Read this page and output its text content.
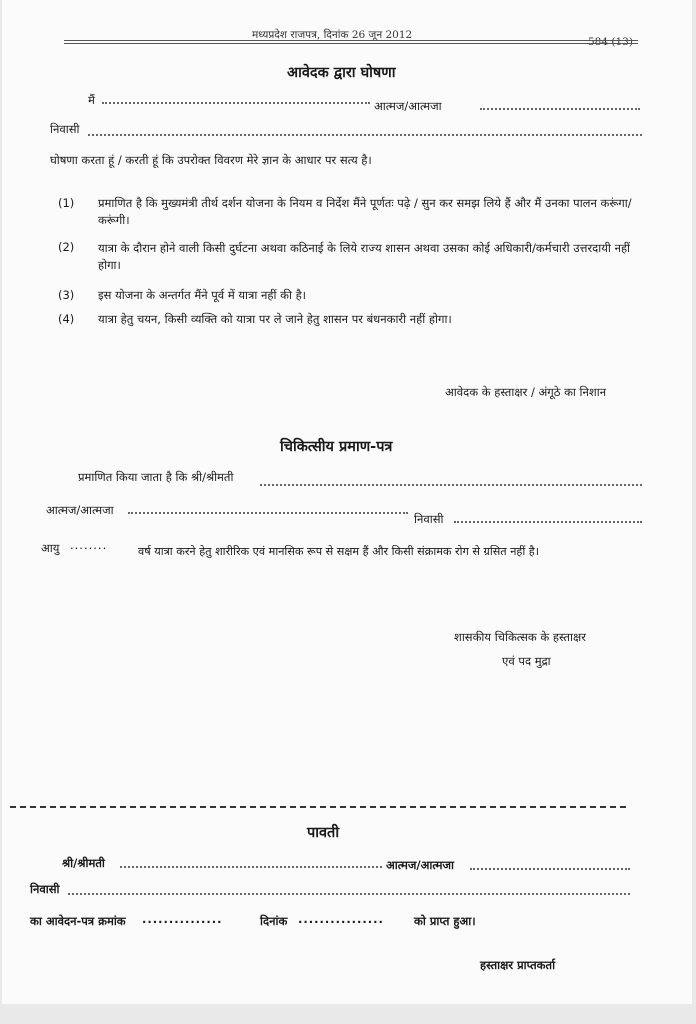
मध्यप्रदेश राजपत्र, दिनांक 26 जून 2012
584 (13)
आवेदक द्वारा घोषणा
मैं	आत्मज/आत्मजा
निवासी
घोषणा करता हूं / करती हूं कि उपरोक्त विवरण मेरे ज्ञान के आधार पर सत्य है।
(1) प्रमाणित है कि मुख्यमंत्री तीर्थ दर्शन योजना के नियम व निर्देश मैंने पूर्णतः पढ़े / सुन कर समझ लिये हैं और मैं उनका पालन करूंगा/करूंगी।
(2) यात्रा के दौरान होने वाली किसी दुर्घटना अथवा कठिनाई के लिये राज्य शासन अथवा उसका कोई अधिकारी/कर्मचारी उत्तरदायी नहीं होगा।
(3) इस योजना के अन्तर्गत मैंने पूर्व में यात्रा नहीं की है।
(4) यात्रा हेतु चयन, किसी व्यक्ति को यात्रा पर ले जाने हेतु शासन पर बंधनकारी नहीं होगा।
आवेदक के हस्ताक्षर / अंगूठे का निशान
चिकित्सीय प्रमाण-पत्र
प्रमाणित किया जाता है कि श्री/श्रीमती
आत्मज/आत्मजा
निवासी
आयु ........	वर्ष यात्रा करने हेतु शारीरिक एवं मानसिक रूप से सक्षम हैं और किसी संक्रामक रोग से ग्रसित नहीं है।
शासकीय चिकित्सक के हस्ताक्षर
एवं पद मुद्रा
पावती
श्री/श्रीमती	आत्मज/आत्मजा
निवासी
का आवेदन-पत्र क्रमांक ...............	दिनांक ................	को प्राप्त हुआ।
हस्ताक्षर प्राप्तकर्ता
